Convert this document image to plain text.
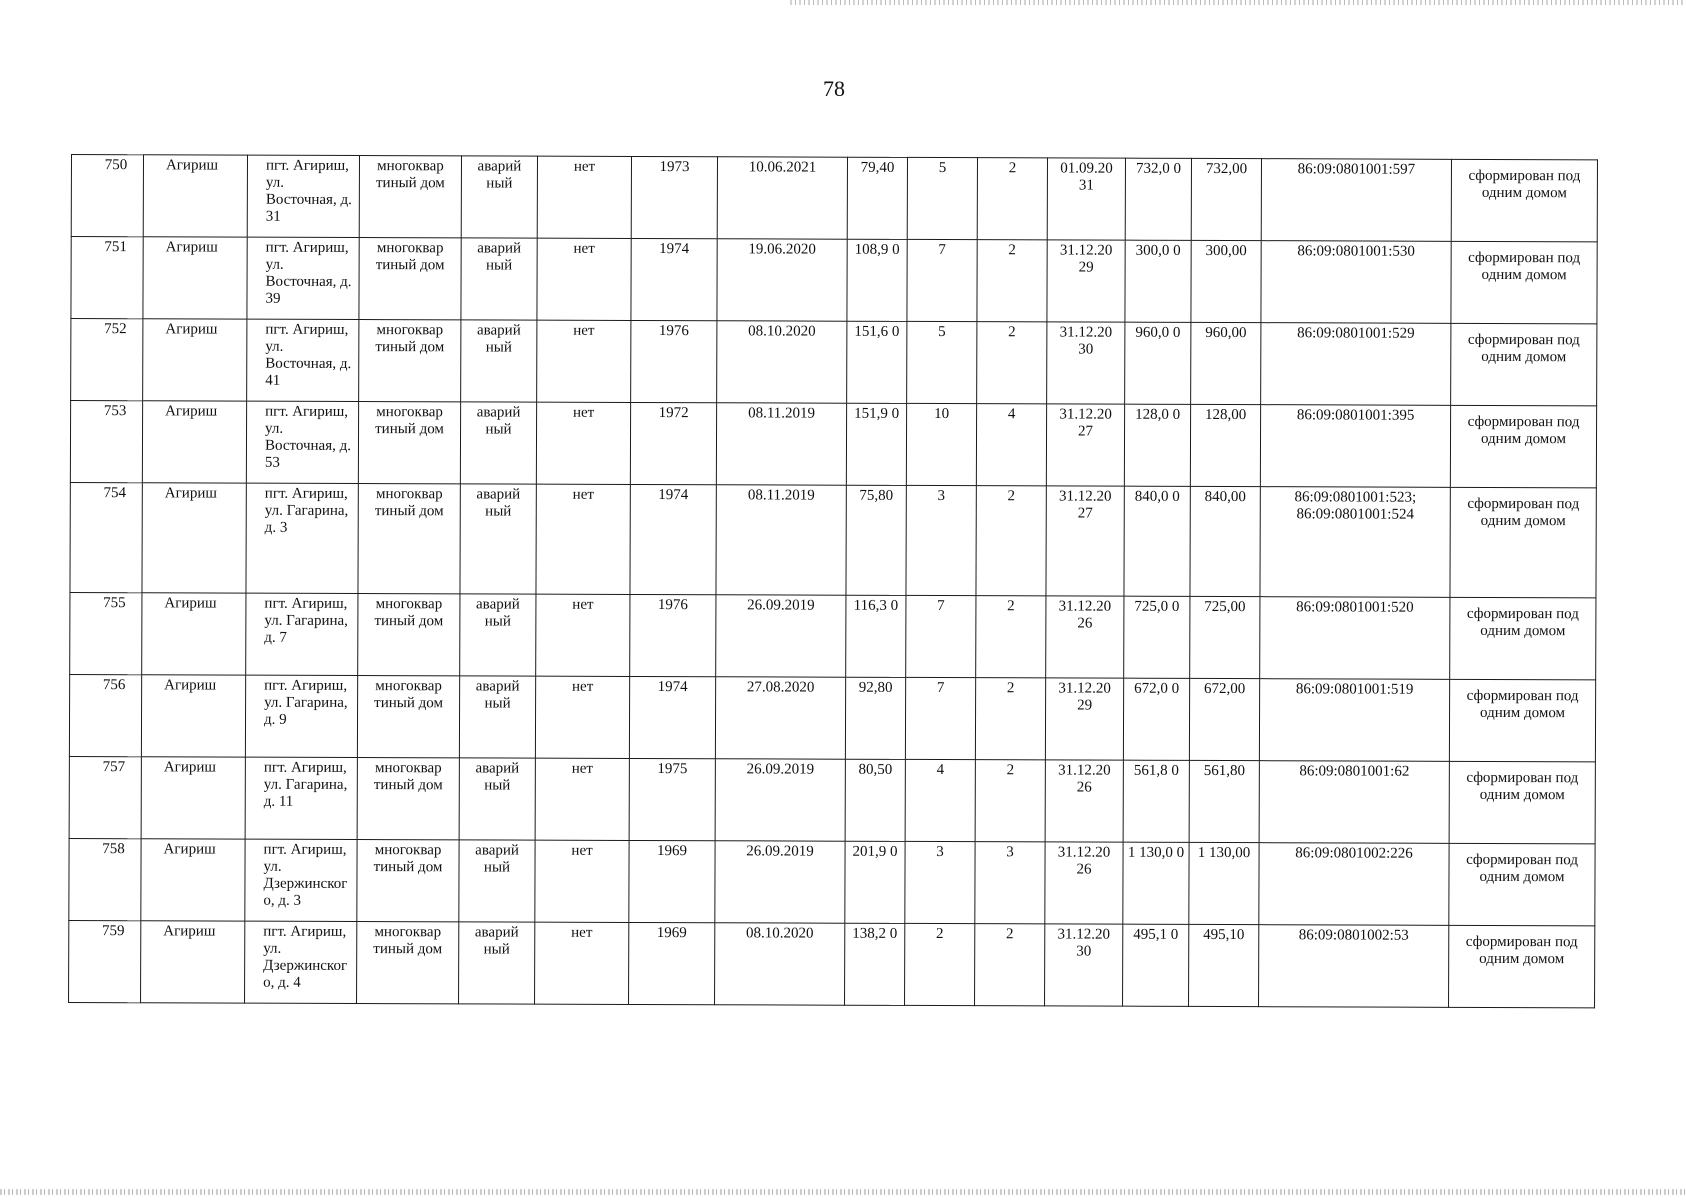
78
750	Агириш	пгт. Агириш, ул. Восточная, д. 31	многоквар тиный дом	аварий ный	нет	1973	10.06.2021	79,40	5	2	01.09.20 31	732,0 0	732,00	86:09:0801001:597	сформирован под одним домом
751	Агириш	пгт. Агириш, ул. Восточная, д. 39	многоквар тиный дом	аварий ный	нет	1974	19.06.2020	108,9 0	7	2	31.12.20 29	300,0 0	300,00	86:09:0801001:530	сформирован под одним домом
752	Агириш	пгт. Агириш, ул. Восточная, д. 41	многоквар тиный дом	аварий ный	нет	1976	08.10.2020	151,6 0	5	2	31.12.20 30	960,0 0	960,00	86:09:0801001:529	сформирован под одним домом
753	Агириш	пгт. Агириш, ул. Восточная, д. 53	многоквар тиный дом	аварий ный	нет	1972	08.11.2019	151,9 0	10	4	31.12.20 27	128,0 0	128,00	86:09:0801001:395	сформирован под одним домом
754	Агириш	пгт. Агириш, ул. Гагарина, д. 3	многоквар тиный дом	аварий ный	нет	1974	08.11.2019	75,80	3	2	31.12.20 27	840,0 0	840,00	86:09:0801001:523; 86:09:0801001:524	сформирован под одним домом
755	Агириш	пгт. Агириш, ул. Гагарина, д. 7	многоквар тиный дом	аварий ный	нет	1976	26.09.2019	116,3 0	7	2	31.12.20 26	725,0 0	725,00	86:09:0801001:520	сформирован под одним домом
756	Агириш	пгт. Агириш, ул. Гагарина, д. 9	многоквар тиный дом	аварий ный	нет	1974	27.08.2020	92,80	7	2	31.12.20 29	672,0 0	672,00	86:09:0801001:519	сформирован под одним домом
757	Агириш	пгт. Агириш, ул. Гагарина, д. 11	многоквар тиный дом	аварий ный	нет	1975	26.09.2019	80,50	4	2	31.12.20 26	561,8 0	561,80	86:09:0801001:62	сформирован под одним домом
758	Агириш	пгт. Агириш, ул. Дзержинског о, д. 3	многоквар тиный дом	аварий ный	нет	1969	26.09.2019	201,9 0	3	3	31.12.20 26	1 130,0 0	1 130,00	86:09:0801002:226	сформирован под одним домом
759	Агириш	пгт. Агириш, ул. Дзержинског о, д. 4	многоквар тиный дом	аварий ный	нет	1969	08.10.2020	138,2 0	2	2	31.12.20 30	495,1 0	495,10	86:09:0801002:53	сформирован под одним домом
